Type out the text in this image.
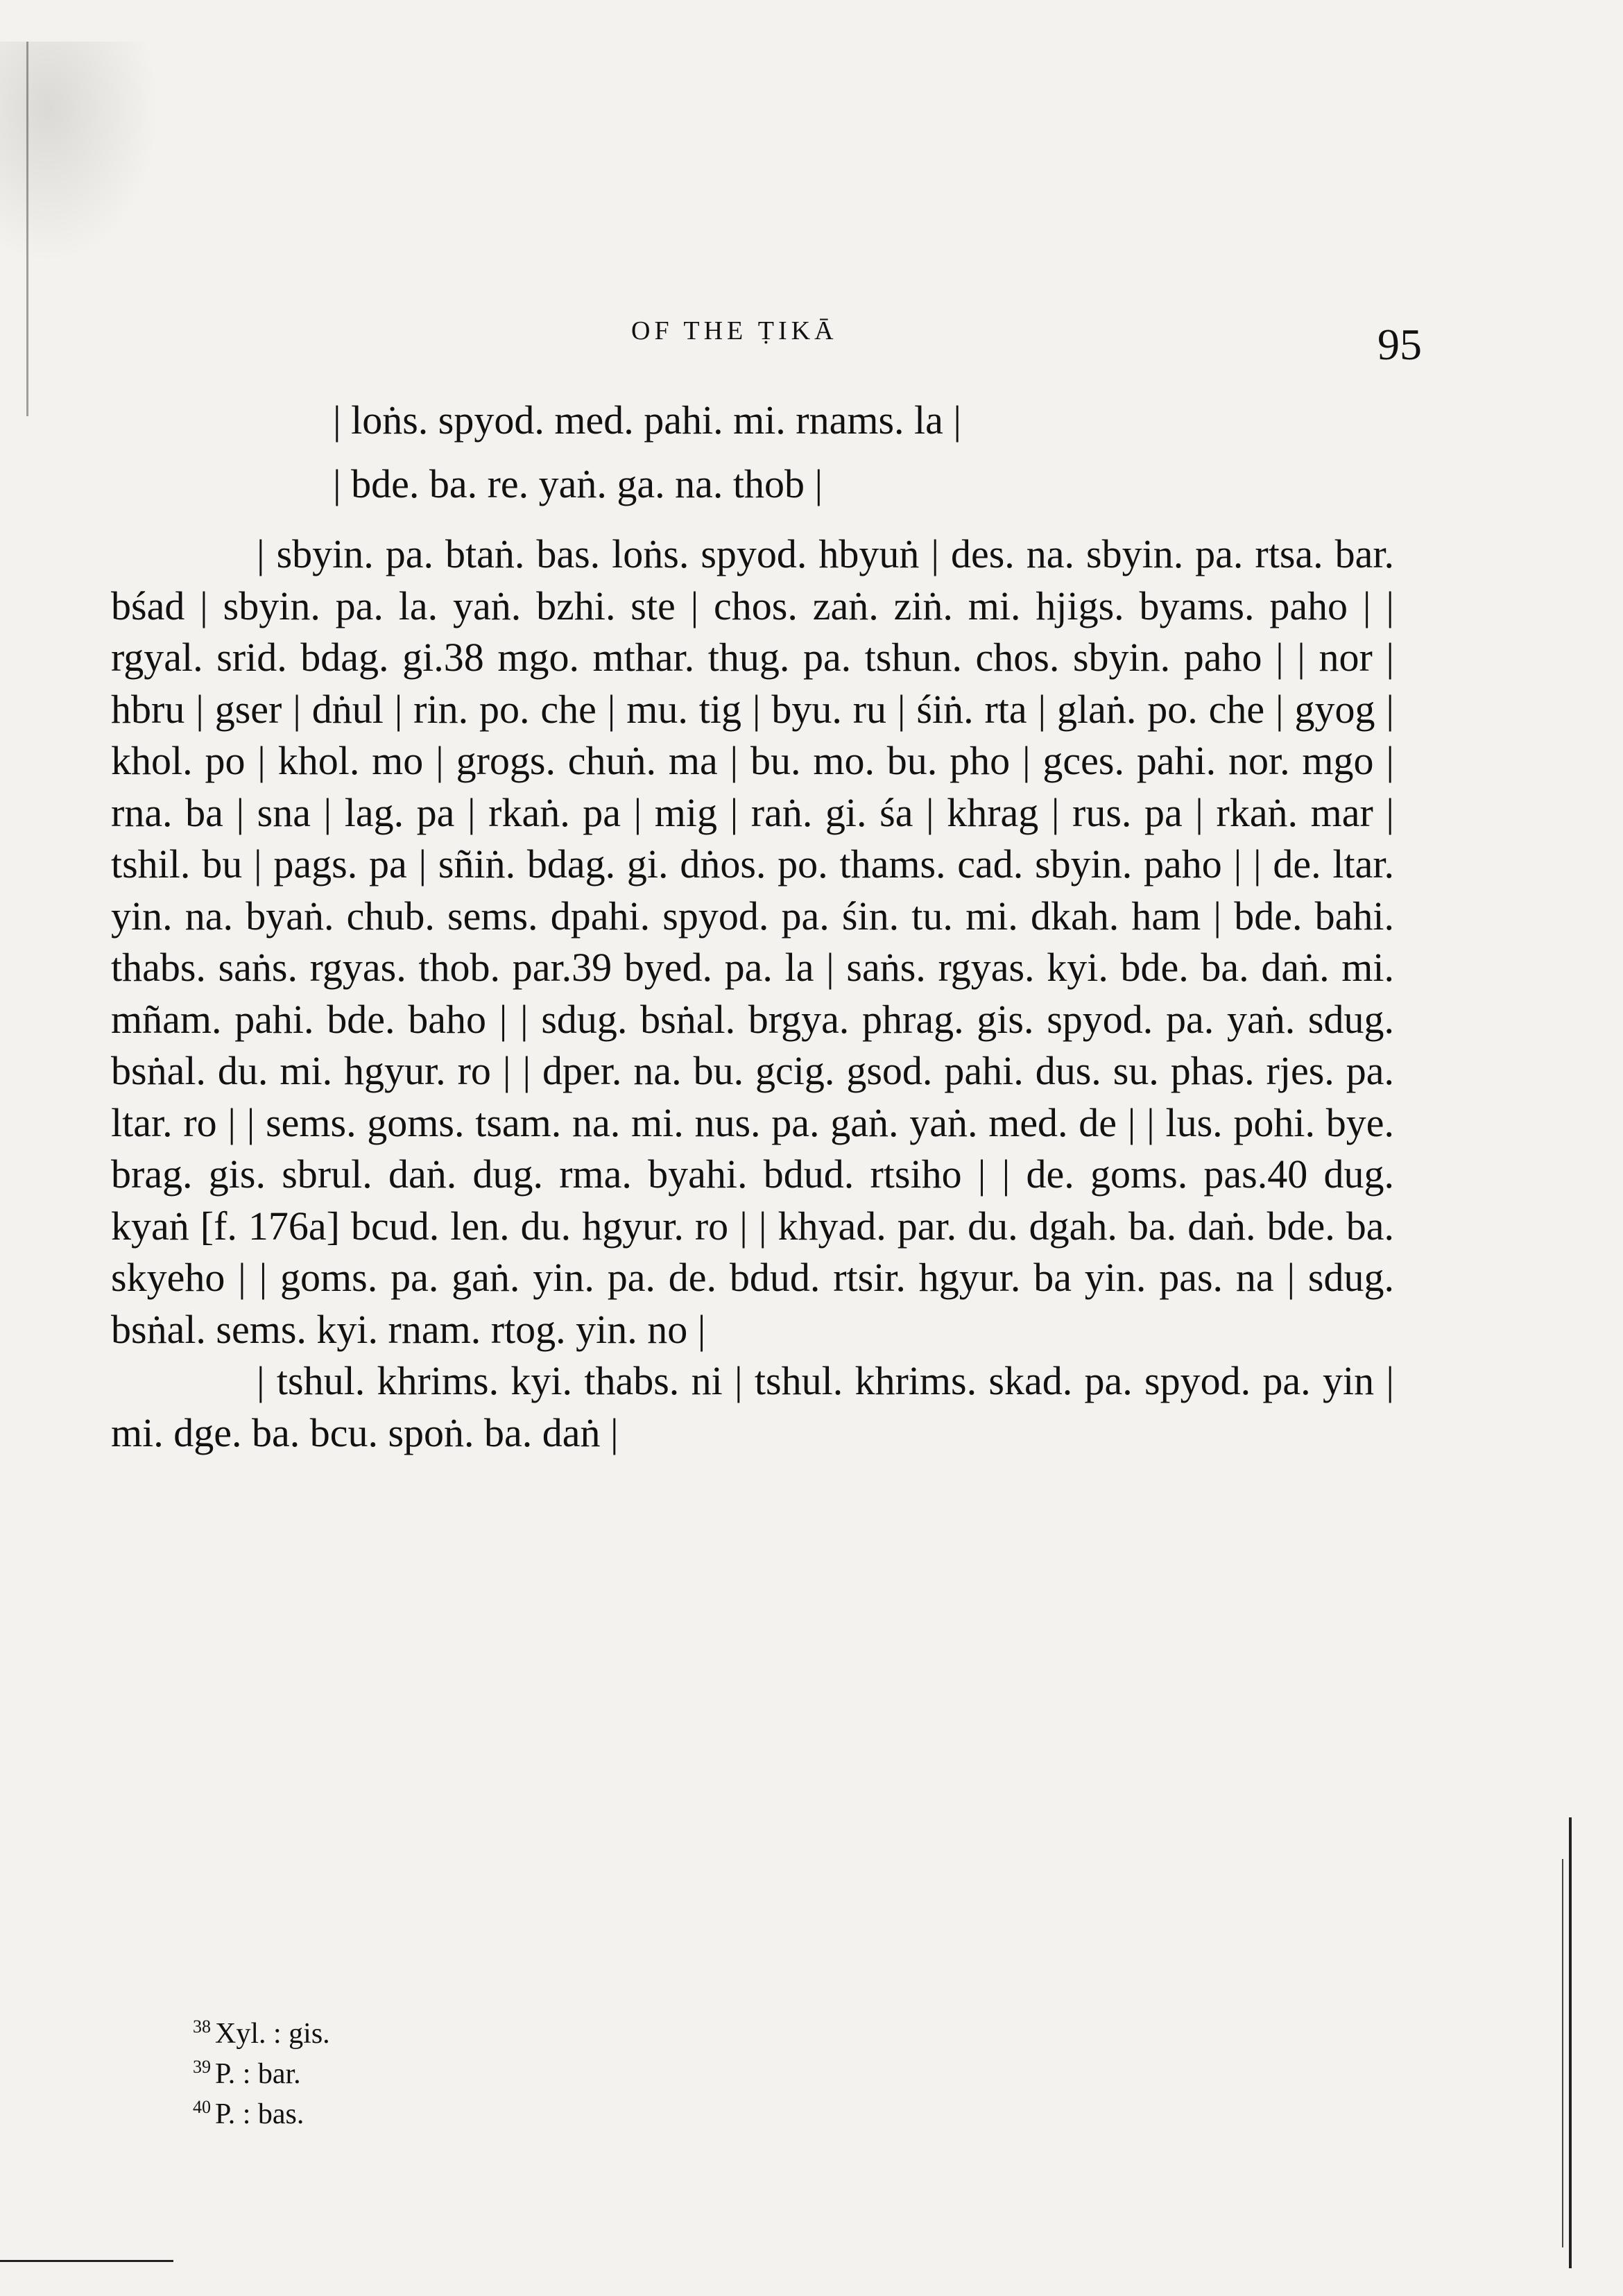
OF THE ṬIKĀ	95
| loṅs. spyod. med. pahi. mi. rnams. la |
| bde. ba. re. yaṅ. ga. na. thob |

| sbyin. pa. btaṅ. bas. loṅs. spyod. hbyuṅ | des. na. sbyin. pa. rtsa. bar. bśad | sbyin. pa. la. yaṅ. bzhi. ste | chos. zaṅ. ziṅ. mi. hjigs. byams. paho | | rgyal. srid. bdag. gi.38 mgo. mthar. thug. pa. tshun. chos. sbyin. paho | | nor | hbru | gser | dṅul | rin. po. che | mu. tig | byu. ru | śiṅ. rta | glaṅ. po. che | gyog | khol. po | khol. mo | grogs. chuṅ. ma | bu. mo. bu. pho | gces. pahi. nor. mgo | rna. ba | sna | lag. pa | rkaṅ. pa | mig | raṅ. gi. śa | khrag | rus. pa | rkaṅ. mar | tshil. bu | pags. pa | sñiṅ. bdag. gi. dṅos. po. thams. cad. sbyin. paho | | de. ltar. yin. na. byaṅ. chub. sems. dpahi. spyod. pa. śin. tu. mi. dkah. ham | bde. bahi. thabs. saṅs. rgyas. thob. par.39 byed. pa. la | saṅs. rgyas. kyi. bde. ba. daṅ. mi. mñam. pahi. bde. baho | | sdug. bsṅal. brgya. phrag. gis. spyod. pa. yaṅ. sdug. bsṅal. du. mi. hgyur. ro | | dper. na. bu. gcig. gsod. pahi. dus. su. phas. rjes. pa. ltar. ro | | sems. goms. tsam. na. mi. nus. pa. gaṅ. yaṅ. med. de | | lus. pohi. bye. brag. gis. sbrul. daṅ. dug. rma. byahi. bdud. rtsiho | | de. goms. pas.40 dug. kyaṅ [f. 176a] bcud. len. du. hgyur. ro | | khyad. par. du. dgah. ba. daṅ. bde. ba. skyeho | | goms. pa. gaṅ. yin. pa. de. bdud. rtsir. hgyur. ba yin. pas. na | sdug. bsṅal. sems. kyi. rnam. rtog. yin. no |

| tshul. khrims. kyi. thabs. ni | tshul. khrims. skad. pa. spyod. pa. yin | mi. dge. ba. bcu. spoṅ. ba. daṅ |

$^{38}$ Xyl. : gis.
$^{39}$ P. : bar.
$^{40}$ P. : bas.
